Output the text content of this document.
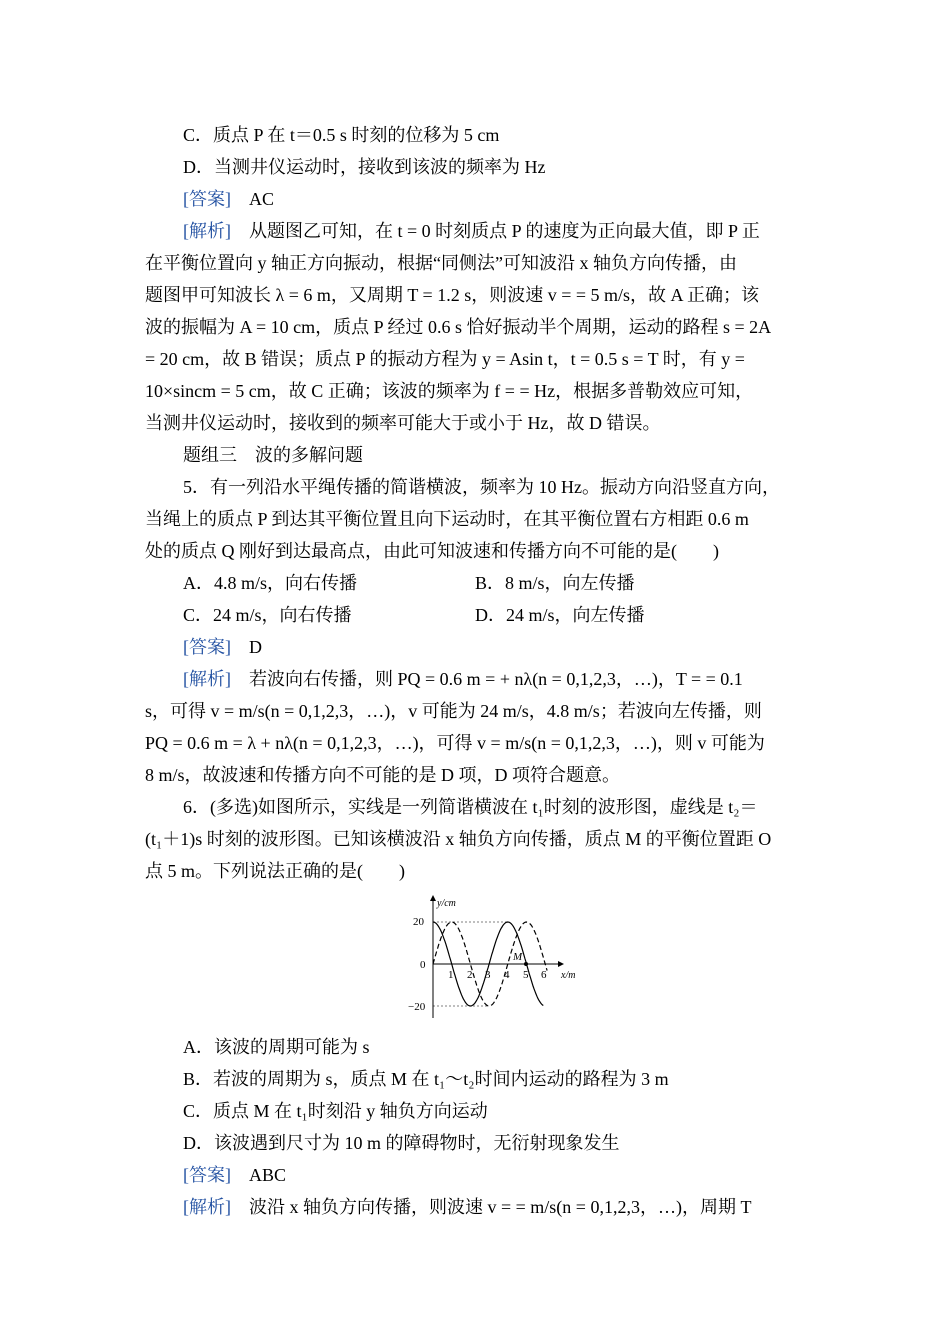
C．质点 P 在 t＝0.5 s 时刻的位移为 5 cm
D．当测井仪运动时，接收到该波的频率为 Hz
[答案]　 AC
[解析]　 从题图乙可知，在 t = 0 时刻质点 P 的速度为正向最大值，即 P 正
在平衡位置向 y 轴正方向振动，根据“同侧法”可知波沿 x 轴负方向传播，由
题图甲可知波长 λ = 6 m，又周期 T = 1.2 s，则波速 v = = 5 m/s，故 A 正确；该
波的振幅为 A = 10 cm，质点 P 经过 0.6 s 恰好振动半个周期，运动的路程 s = 2A
= 20 cm，故 B 错误；质点 P 的振动方程为 y = Asin t，t = 0.5 s = T 时，有 y =
10×sincm = 5 cm，故 C 正确；该波的频率为 f = = Hz，根据多普勒效应可知，
当测井仪运动时，接收到的频率可能大于或小于 Hz，故 D 错误。
题组三　波的多解问题
5．有一列沿水平绳传播的简谐横波，频率为 10 Hz。振动方向沿竖直方向，
当绳上的质点 P 到达其平衡位置且向下运动时，在其平衡位置右方相距 0.6 m
处的质点 Q 刚好到达最高点，由此可知波速和传播方向不可能的是(　　)
A．4.8 m/s，向右传播	B．8 m/s，向左传播
C．24 m/s，向右传播	D．24 m/s，向左传播
[答案]　 D
[解析]　 若波向右传播，则 PQ = 0.6 m = + nλ(n = 0,1,2,3，…)，T = = 0.1
s，可得 v = m/s(n = 0,1,2,3，…)，v 可能为 24 m/s，4.8 m/s；若波向左传播，则
PQ = 0.6 m = λ + nλ(n = 0,1,2,3，…)，可得 v = m/s(n = 0,1,2,3，…)，则 v 可能为
8 m/s，故波速和传播方向不可能的是 D 项，D 项符合题意。
6．(多选)如图所示，实线是一列简谐横波在 t₁时刻的波形图，虚线是 t₂＝
(t₁＋1)s 时刻的波形图。已知该横波沿 x 轴负方向传播，质点 M 的平衡位置距 O
点 5 m。下列说法正确的是(　　)
y/cm
x/m
20
0
−20
1 2 3 4 5 6
M
A．该波的周期可能为 s
B．若波的周期为 s，质点 M 在 t₁～t₂时间内运动的路程为 3 m
C．质点 M 在 t₁时刻沿 y 轴负方向运动
D．该波遇到尺寸为 10 m 的障碍物时，无衍射现象发生
[答案]　 ABC
[解析]　 波沿 x 轴负方向传播，则波速 v = = m/s(n = 0,1,2,3，…)，周期 T
